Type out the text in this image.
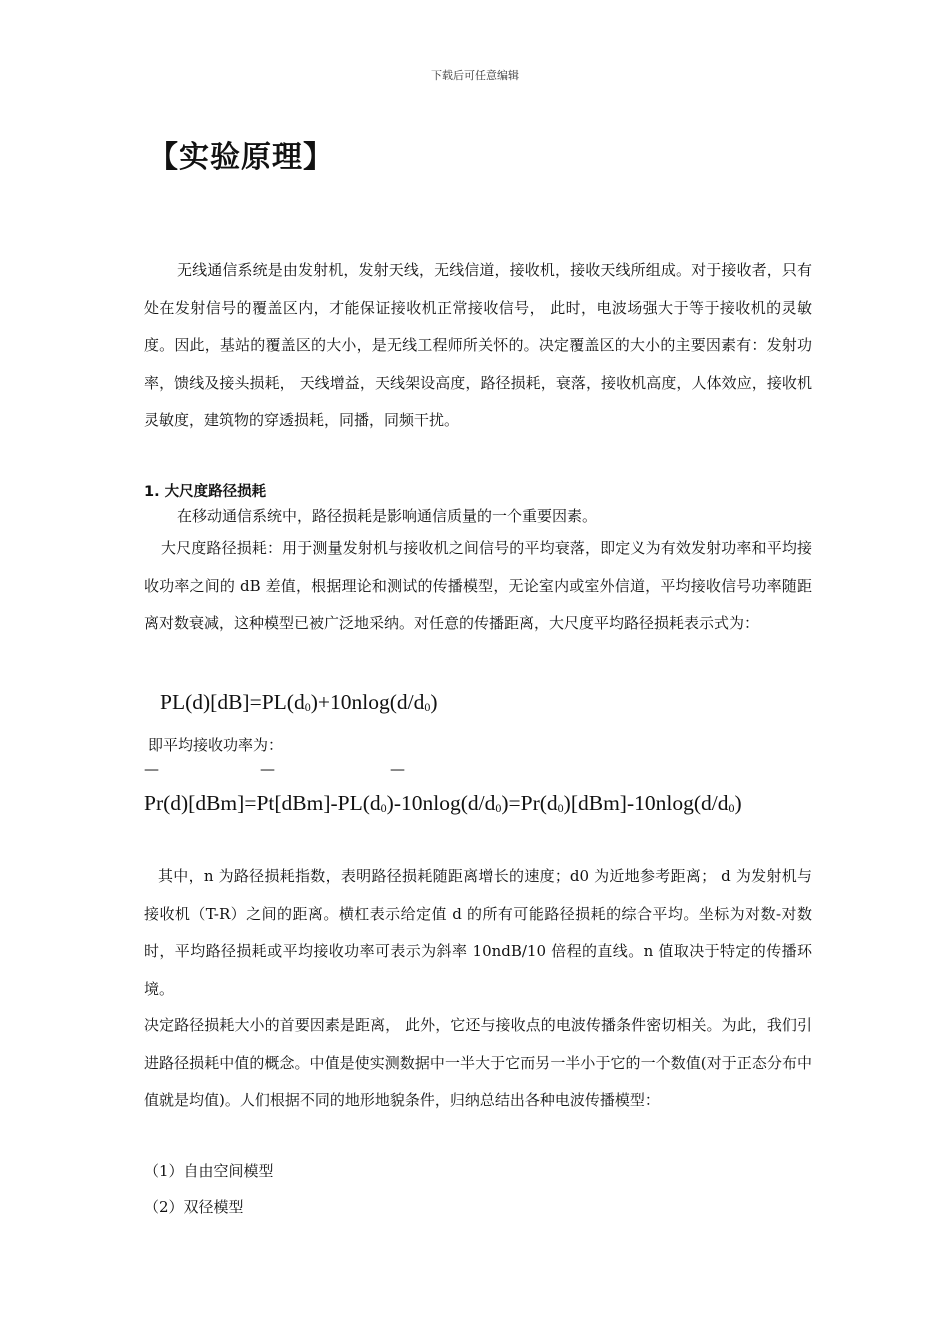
下载后可任意编辑
【实验原理】
无线通信系统是由发射机，发射天线，无线信道，接收机，接收天线所组成。对于接收者，只有处在发射信号的覆盖区内，才能保证接收机正常接收信号， 此时，电波场强大于等于接收机的灵敏度。因此，基站的覆盖区的大小，是无线工程师所关怀的。决定覆盖区的大小的主要因素有：发射功率，馈线及接头损耗， 天线增益，天线架设高度，路径损耗，衰落，接收机高度，人体效应，接收机灵敏度，建筑物的穿透损耗，同播，同频干扰。
1. 大尺度路径损耗
在移动通信系统中，路径损耗是影响通信质量的一个重要因素。
大尺度路径损耗：用于测量发射机与接收机之间信号的平均衰落，即定义为有效发射功率和平均接收功率之间的 dB 差值，根据理论和测试的传播模型，无论室内或室外信道，平均接收信号功率随距离对数衰减，这种模型已被广泛地采纳。对任意的传播距离，大尺度平均路径损耗表示式为：
$PL(d)[dB]=PL(d_0)+10nlog(d/d_0)$
即平均接收功率为：
—	—	—
$Pr(d)[dBm]=Pt[dBm]-PL(d_0)-10nlog(d/d_0)=Pr(d_0)[dBm]-10nlog(d/d_0)$
其中，n 为路径损耗指数，表明路径损耗随距离增长的速度；d0 为近地参考距离； d 为发射机与接收机（T-R）之间的距离。横杠表示给定值 d 的所有可能路径损耗的综合平均。坐标为对数-对数时，平均路径损耗或平均接收功率可表示为斜率 10ndB/10 倍程的直线。n 值取决于特定的传播环境。
决定路径损耗大小的首要因素是距离， 此外，它还与接收点的电波传播条件密切相关。为此，我们引进路径损耗中值的概念。中值是使实测数据中一半大于它而另一半小于它的一个数值(对于正态分布中值就是均值)。人们根据不同的地形地貌条件，归纳总结出各种电波传播模型：
（1）自由空间模型
（2）双径模型
